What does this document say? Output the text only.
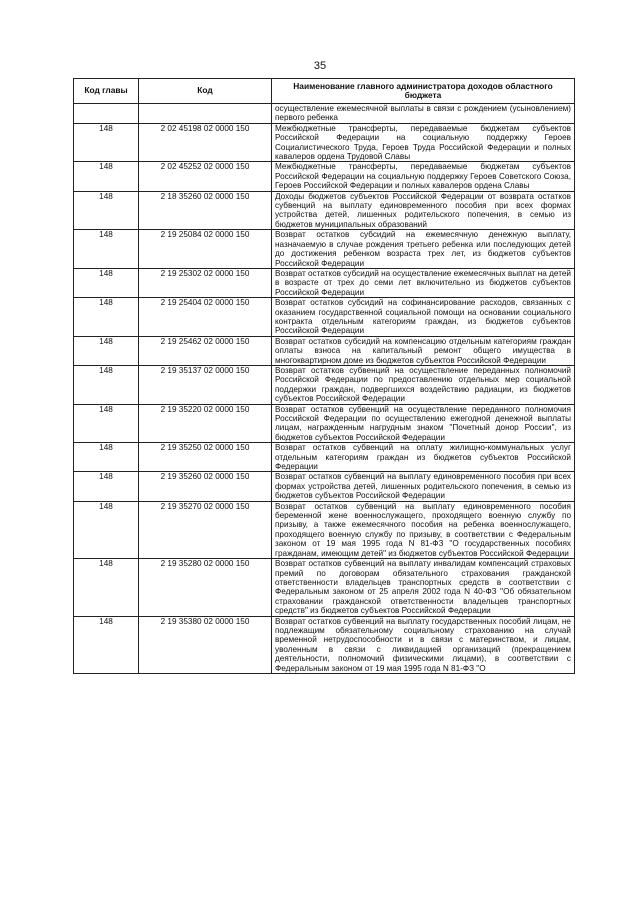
35
Код главы	Код	Наименование главного администратора доходов областного бюджета
		осуществление ежемесячной выплаты в связи с рождением (усыновлением) первого ребенка
148	2 02 45198 02 0000 150	Межбюджетные трансферты, передаваемые бюджетам субъектов Российской Федерации на социальную поддержку Героев Социалистического Труда, Героев Труда Российской Федерации и полных кавалеров ордена Трудовой Славы
148	2 02 45252 02 0000 150	Межбюджетные трансферты, передаваемые бюджетам субъектов Российской Федерации на социальную поддержку Героев Советского Союза, Героев Российской Федерации и полных кавалеров ордена Славы
148	2 18 35260 02 0000 150	Доходы бюджетов субъектов Российской Федерации от возврата остатков субвенций на выплату единовременного пособия при всех формах устройства детей, лишенных родительского попечения, в семью из бюджетов муниципальных образований
148	2 19 25084 02 0000 150	Возврат остатков субсидий на ежемесячную денежную выплату, назначаемую в случае рождения третьего ребенка или последующих детей до достижения ребенком возраста трех лет, из бюджетов субъектов Российской Федерации
148	2 19 25302 02 0000 150	Возврат остатков субсидий на осуществление ежемесячных выплат на детей в возрасте от трех до семи лет включительно из бюджетов субъектов Российской Федерации
148	2 19 25404 02 0000 150	Возврат остатков субсидий на софинансирование расходов, связанных с оказанием государственной социальной помощи на основании социального контракта отдельным категориям граждан, из бюджетов субъектов Российской Федерации
148	2 19 25462 02 0000 150	Возврат остатков субсидий на компенсацию отдельным категориям граждан оплаты взноса на капитальный ремонт общего имущества в многоквартирном доме из бюджетов субъектов Российской Федерации
148	2 19 35137 02 0000 150	Возврат остатков субвенций на осуществление переданных полномочий Российской Федерации по предоставлению отдельных мер социальной поддержки граждан, подвергшихся воздействию радиации, из бюджетов субъектов Российской Федерации
148	2 19 35220 02 0000 150	Возврат остатков субвенций на осуществление переданного полномочия Российской Федерации по осуществлению ежегодной денежной выплаты лицам, награжденным нагрудным знаком "Почетный донор России", из бюджетов субъектов Российской Федерации
148	2 19 35250 02 0000 150	Возврат остатков субвенций на оплату жилищно-коммунальных услуг отдельным категориям граждан из бюджетов субъектов Российской Федерации
148	2 19 35260 02 0000 150	Возврат остатков субвенций на выплату единовременного пособия при всех формах устройства детей, лишенных родительского попечения, в семью из бюджетов субъектов Российской Федерации
148	2 19 35270 02 0000 150	Возврат остатков субвенций на выплату единовременного пособия беременной жене военнослужащего, проходящего военную службу по призыву, а также ежемесячного пособия на ребенка военнослужащего, проходящего военную службу по призыву, в соответствии с Федеральным законом от 19 мая 1995 года N 81-ФЗ "О государственных пособиях гражданам, имеющим детей" из бюджетов субъектов Российской Федерации
148	2 19 35280 02 0000 150	Возврат остатков субвенций на выплату инвалидам компенсаций страховых премий по договорам обязательного страхования гражданской ответственности владельцев транспортных средств в соответствии с Федеральным законом от 25 апреля 2002 года N 40-ФЗ "Об обязательном страховании гражданской ответственности владельцев транспортных средств" из бюджетов субъектов Российской Федерации
148	2 19 35380 02 0000 150	Возврат остатков субвенций на выплату государственных пособий лицам, не подлежащим обязательному социальному страхованию на случай временной нетрудоспособности и в связи с материнством, и лицам, уволенным в связи с ликвидацией организаций (прекращением деятельности, полномочий физическими лицами), в соответствии с Федеральным законом от 19 мая 1995 года N 81-ФЗ "О
